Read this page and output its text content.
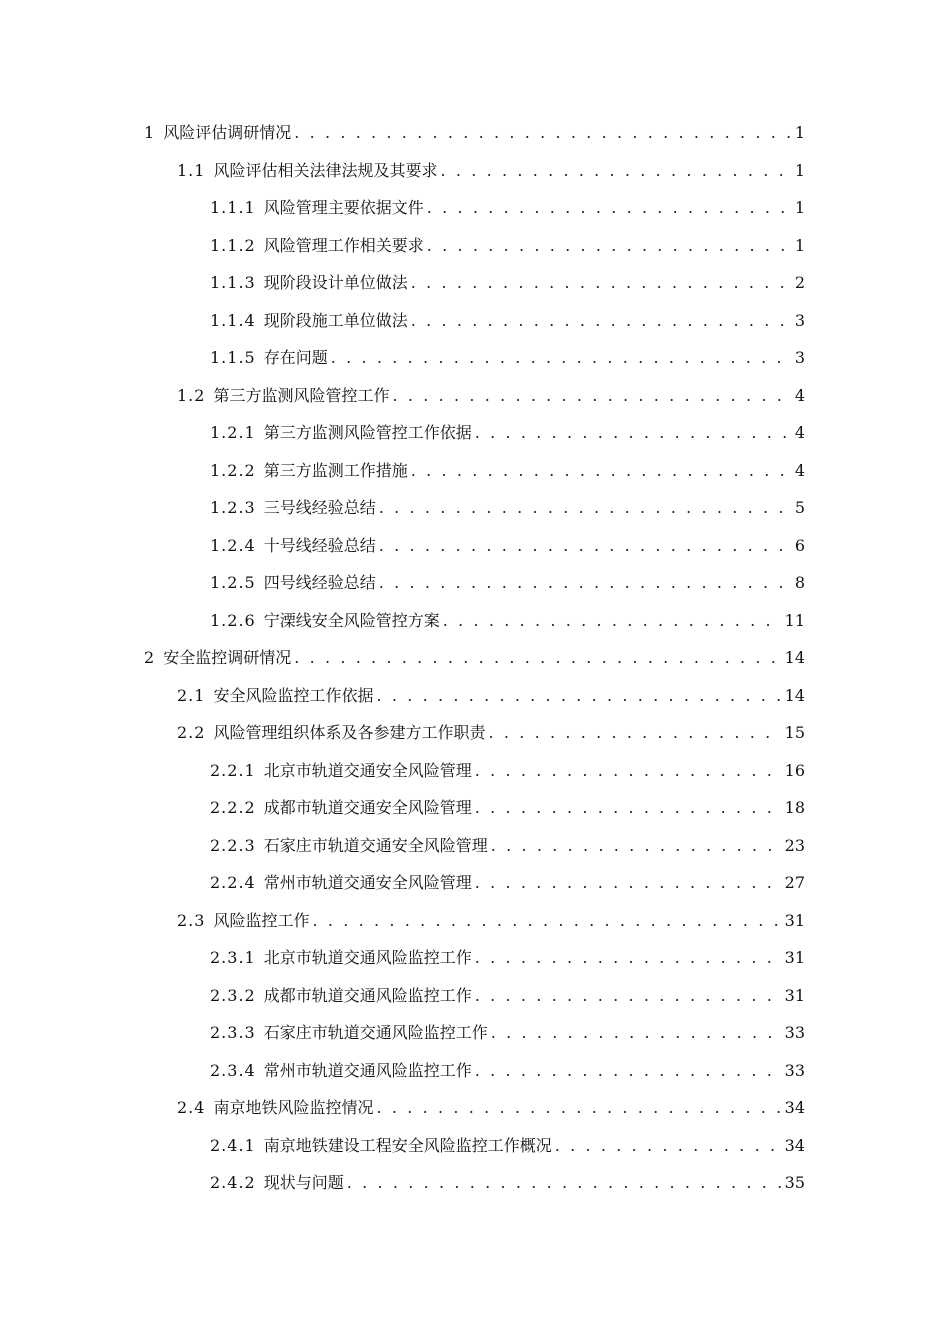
1 风险评估调研情况 . . .	1
1.1 风险评估相关法律法规及其要求 . . .	1
1.1.1 风险管理主要依据文件 . . .	1
1.1.2 风险管理工作相关要求 . . .	1
1.1.3 现阶段设计单位做法 . . .	2
1.1.4 现阶段施工单位做法 . . .	3
1.1.5 存在问题 . . .	3
1.2 第三方监测风险管控工作 . . .	4
1.2.1 第三方监测风险管控工作依据 . . .	4
1.2.2 第三方监测工作措施 . . .	4
1.2.3 三号线经验总结 . . .	5
1.2.4 十号线经验总结 . . .	6
1.2.5 四号线经验总结 . . .	8
1.2.6 宁溧线安全风险管控方案 . . .	11
2 安全监控调研情况 . . .	14
2.1 安全风险监控工作依据 . . .	14
2.2 风险管理组织体系及各参建方工作职责 . . .	15
2.2.1 北京市轨道交通安全风险管理 . . .	16
2.2.2 成都市轨道交通安全风险管理 . . .	18
2.2.3 石家庄市轨道交通安全风险管理 . . .	23
2.2.4 常州市轨道交通安全风险管理 . . .	27
2.3 风险监控工作 . . .	31
2.3.1 北京市轨道交通风险监控工作 . . .	31
2.3.2 成都市轨道交通风险监控工作 . . .	31
2.3.3 石家庄市轨道交通风险监控工作 . . .	33
2.3.4 常州市轨道交通风险监控工作 . . .	33
2.4 南京地铁风险监控情况 . . .	34
2.4.1 南京地铁建设工程安全风险监控工作概况 . . .	34
2.4.2 现状与问题 . . .	35
